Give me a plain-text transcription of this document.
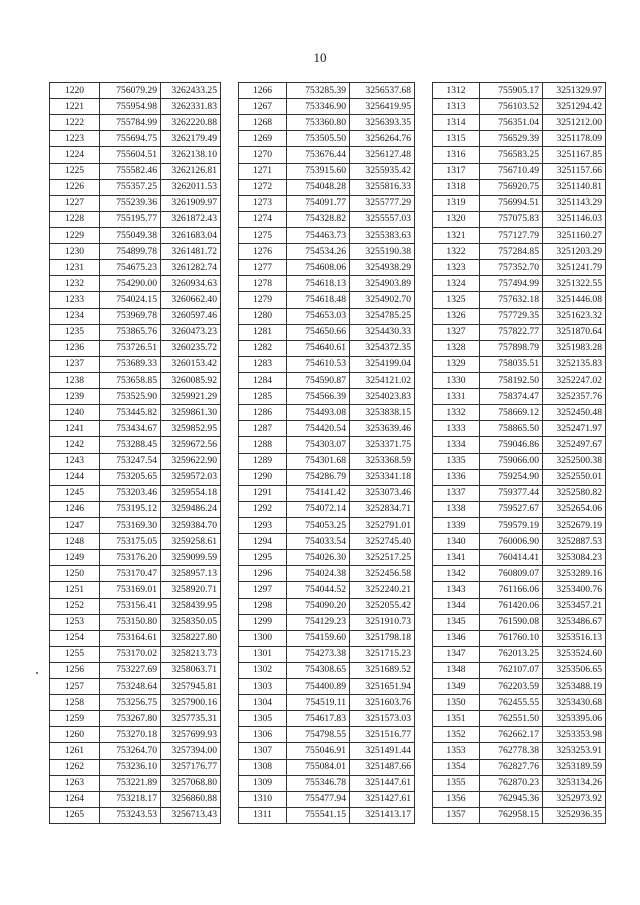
10
1220	756079.29	3262433.25
1221	755954.98	3262331.83
1222	755784.99	3262220.88
1223	755694.75	3262179.49
1224	755604.51	3262138.10
1225	755582.46	3262126.81
1226	755357.25	3262011.53
1227	755239.36	3261909.97
1228	755195.77	3261872.43
1229	755049.38	3261683.04
1230	754899.78	3261481.72
1231	754675.23	3261282.74
1232	754290.00	3260934.63
1233	754024.15	3260662.40
1234	753969.78	3260597.46
1235	753865.76	3260473.23
1236	753726.51	3260235.72
1237	753689.33	3260153.42
1238	753658.85	3260085.92
1239	753525.90	3259921.29
1240	753445.82	3259861.30
1241	753434.67	3259852.95
1242	753288.45	3259672.56
1243	753247.54	3259622.90
1244	753205.65	3259572.03
1245	753203.46	3259554.18
1246	753195.12	3259486.24
1247	753169.30	3259384.70
1248	753175.05	3259258.61
1249	753176.20	3259099.59
1250	753170.47	3258957.13
1251	753169.01	3258920.71
1252	753156.41	3258439.95
1253	753150.80	3258350.05
1254	753164.61	3258227.80
1255	753170.02	3258213.73
1256	753227.69	3258063.71
1257	753248.64	3257945.81
1258	753256.75	3257900.16
1259	753267.80	3257735.31
1260	753270.18	3257699.93
1261	753264.70	3257394.00
1262	753236.10	3257176.77
1263	753221.89	3257068.80
1264	753218.17	3256860.88
1265	753243.53	3256713.43
1266	753285.39	3256537.68
1267	753346.90	3256419.95
1268	753360.80	3256393.35
1269	753505.50	3256264.76
1270	753676.44	3256127.48
1271	753915.60	3255935.42
1272	754048.28	3255816.33
1273	754091.77	3255777.29
1274	754328.82	3255557.03
1275	754463.73	3255383.63
1276	754534.26	3255190.38
1277	754608.06	3254938.29
1278	754618.13	3254903.89
1279	754618.48	3254902.70
1280	754653.03	3254785.25
1281	754650.66	3254430.33
1282	754640.61	3254372.35
1283	754610.53	3254199.04
1284	754590.87	3254121.02
1285	754566.39	3254023.83
1286	754493.08	3253838.15
1287	754420.54	3253639.46
1288	754303.07	3253371.75
1289	754301.68	3253368.59
1290	754286.79	3253341.18
1291	754141.42	3253073.46
1292	754072.14	3252834.71
1293	754053.25	3252791.01
1294	754033.54	3252745.40
1295	754026.30	3252517.25
1296	754024.38	3252456.58
1297	754044.52	3252240.21
1298	754090.20	3252055.42
1299	754129.23	3251910.73
1300	754159.60	3251798.18
1301	754273.38	3251715.23
1302	754308.65	3251689.52
1303	754400.89	3251651.94
1304	754519.11	3251603.76
1305	754617.83	3251573.03
1306	754798.55	3251516.77
1307	755046.91	3251491.44
1308	755084.01	3251487.66
1309	755346.78	3251447.61
1310	755477.94	3251427.61
1311	755541.15	3251413.17
1312	755905.17	3251329.97
1313	756103.52	3251294.42
1314	756351.04	3251212.00
1315	756529.39	3251178.09
1316	756583.25	3251167.85
1317	756710.49	3251157.66
1318	756920.75	3251140.81
1319	756994.51	3251143.29
1320	757075.83	3251146.03
1321	757127.79	3251160.27
1322	757284.85	3251203.29
1323	757352.70	3251241.79
1324	757494.99	3251322.55
1325	757632.18	3251446.08
1326	757729.35	3251623.32
1327	757822.77	3251870.64
1328	757898.79	3251983.28
1329	758035.51	3252135.83
1330	758192.50	3252247.02
1331	758374.47	3252357.76
1332	758669.12	3252450.48
1333	758865.50	3252471.97
1334	759046.86	3252497.67
1335	759066.00	3252500.38
1336	759254.90	3252550.01
1337	759377.44	3252580.82
1338	759527.67	3252654.06
1339	759579.19	3252679.19
1340	760006.90	3252887.53
1341	760414.41	3253084.23
1342	760809.07	3253289.16
1343	761166.06	3253400.76
1344	761420.06	3253457.21
1345	761590.08	3253486.67
1346	761760.10	3253516.13
1347	762013.25	3253524.60
1348	762107.07	3253506.65
1349	762203.59	3253488.19
1350	762455.55	3253430.68
1351	762551.50	3253395.06
1352	762662.17	3253353.98
1353	762778.38	3253253.91
1354	762827.76	3253189.59
1355	762870.23	3253134.26
1356	762945.36	3252973.92
1357	762958.15	3252936.35
